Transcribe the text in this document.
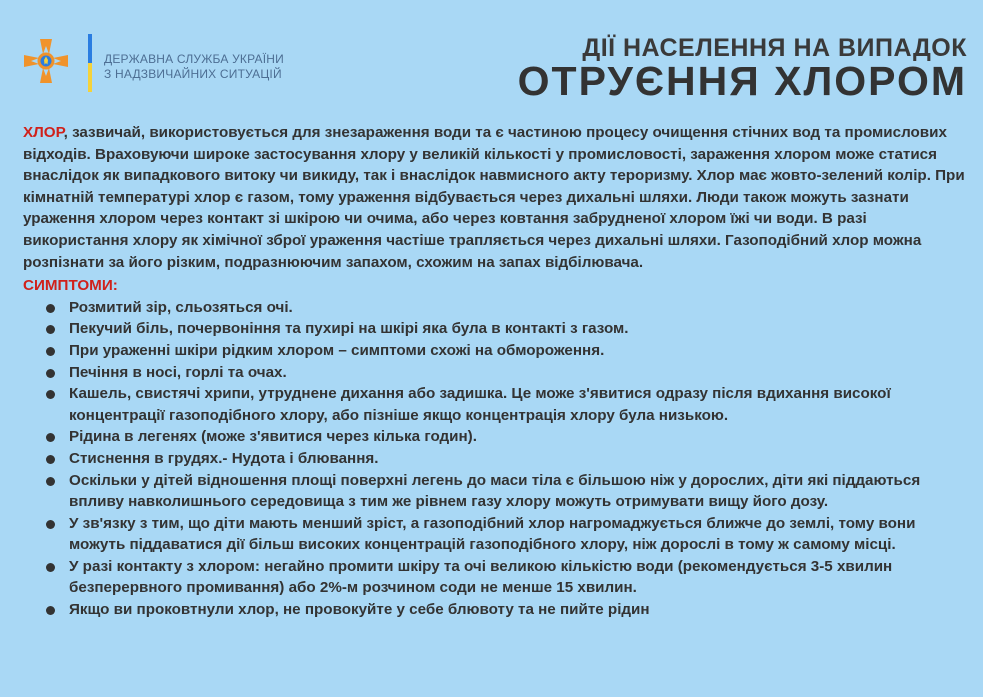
ДЕРЖАВНА СЛУЖБА УКРАЇНИ
З НАДЗВИЧАЙНИХ СИТУАЦІЙ
ДІЇ НАСЕЛЕННЯ НА ВИПАДОК
ОТРУЄННЯ ХЛОРОМ

ХЛОР, зазвичай, використовується для знезараження води та є частиною процесу очищення стічних вод та промислових відходів. Враховуючи широке застосування хлору у великій кількості у промисловості, зараження хлором може статися внаслідок як випадкового витоку чи викиду, так і внаслідок навмисного акту тероризму. Хлор має жовто-зелений колір. При кімнатній температурі хлор є газом, тому ураження відбувається через дихальні шляхи. Люди також можуть зазнати ураження хлором через контакт зі шкірою чи очима, або через ковтання забрудненої хлором їжі чи води. В разі використання хлору як хімічної зброї ураження частіше трапляється через дихальні шляхи. Газоподібний хлор можна розпізнати за його різким, подразнюючим запахом, схожим на запах відбілювача.

СИМПТОМИ:
Розмитий зір, сльозяться очі.
Пекучий біль, почервоніння та пухирі на шкірі яка була в контакті з газом.
При ураженні шкіри рідким хлором – симптоми схожі на обмороження.
Печіння в носі, горлі та очах.
Кашель, свистячі хрипи, утруднене дихання або задишка. Це може з'явитися одразу після вдихання високої концентрації газоподібного хлору, або пізніше якщо концентрація хлору була низькою.
Рідина в легенях (може з'явитися через кілька годин).
Стиснення в грудях.- Нудота і блювання.
Оскільки у дітей відношення площі поверхні легень до маси тіла є більшою ніж у дорослих, діти які піддаються впливу навколишнього середовища з тим же рівнем газу хлору можуть отримувати вищу його дозу.
У зв'язку з тим, що діти мають менший зріст, а газоподібний хлор нагромаджується ближче до землі, тому вони можуть піддаватися дії більш високих концентрацій газоподібного хлору, ніж дорослі в тому ж самому місці.
У разі контакту з хлором: негайно промити шкіру та очі великою кількістю води (рекомендується 3-5 хвилин безперервного промивання) або 2%-м розчином соди не менше 15 хвилин.
Якщо ви проковтнули хлор, не провокуйте у себе блювоту та не пийте рідин
